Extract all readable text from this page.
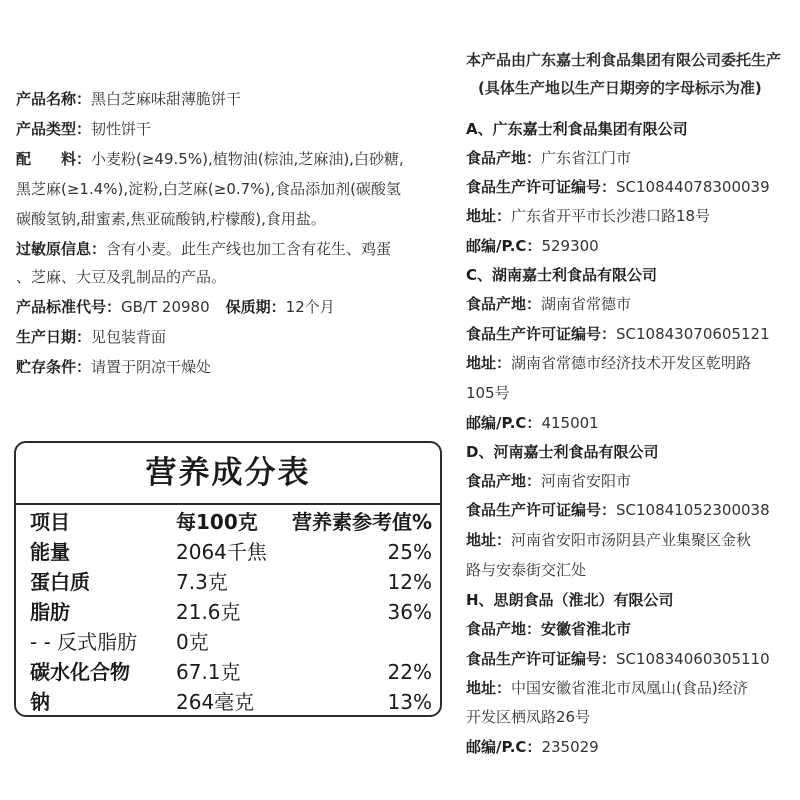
产品名称：黑白芝麻味甜薄脆饼干
产品类型：韧性饼干
配　　料：小麦粉(≥49.5%),植物油(棕油,芝麻油),白砂糖,
黑芝麻(≥1.4%),淀粉,白芝麻(≥0.7%),食品添加剂(碳酸氢
碳酸氢钠,甜蜜素,焦亚硫酸钠,柠檬酸),食用盐。
过敏原信息：含有小麦。此生产线也加工含有花生、鸡蛋
、芝麻、大豆及乳制品的产品。
产品标准代号：GB/T 20980 保质期：12个月
生产日期：见包装背面
贮存条件：请置于阴凉干燥处
营养成分表
项目	每100克 营养素参考值%
能量	2064千焦	25%
蛋白质	7.3克	12%
脂肪	21.6克	36%
- - 反式脂肪 0克
碳水化合物 67.1克	22%
钠	264毫克	13%
本产品由广东嘉士利食品集团有限公司委托生产
(具体生产地以生产日期旁的字母标示为准)
A、广东嘉士利食品集团有限公司
食品产地：广东省江门市
食品生产许可证编号：SC10844078300039
地址：广东省开平市长沙港口路18号
邮编/P.C：529300
C、湖南嘉士利食品有限公司
食品产地：湖南省常德市
食品生产许可证编号：SC10843070605121
地址：湖南省常德市经济技术开发区乾明路
105号
邮编/P.C：415001
D、河南嘉士利食品有限公司
食品产地：河南省安阳市
食品生产许可证编号：SC10841052300038
地址：河南省安阳市汤阴县产业集聚区金秋
路与安泰街交汇处
H、思朗食品（淮北）有限公司
食品产地：安徽省淮北市
食品生产许可证编号：SC10834060305110
地址：中国安徽省淮北市凤凰山(食品)经济
开发区栖凤路26号
邮编/P.C：235029
